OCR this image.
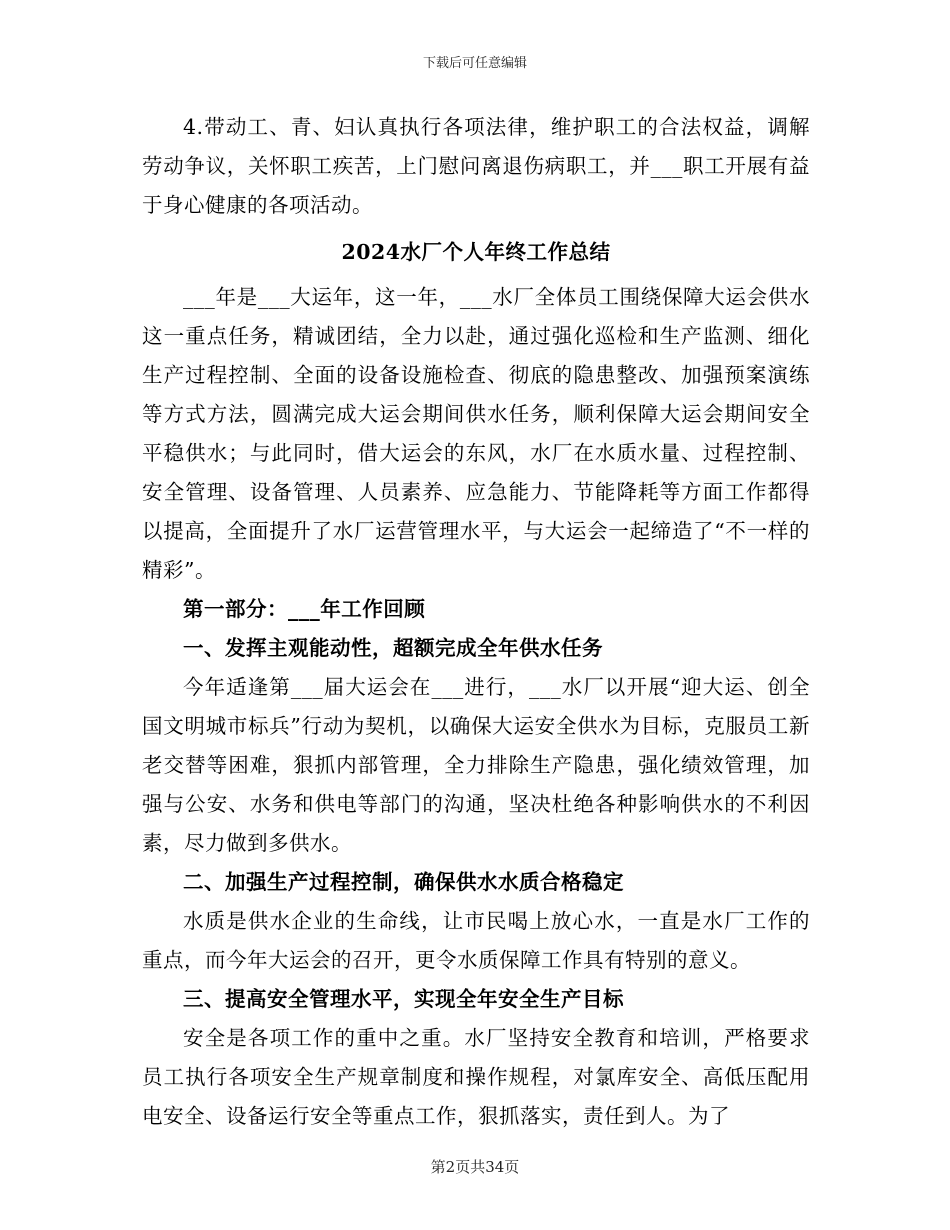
下载后可任意编辑

4.带动工、青、妇认真执行各项法律，维护职工的合法权益，调解劳动争议，关怀职工疾苦，上门慰问离退伤病职工，并___职工开展有益于身心健康的各项活动。

2024水厂个人年终工作总结

___年是___大运年，这一年，___水厂全体员工围绕保障大运会供水这一重点任务，精诚团结，全力以赴，通过强化巡检和生产监测、细化生产过程控制、全面的设备设施检查、彻底的隐患整改、加强预案演练等方式方法，圆满完成大运会期间供水任务，顺利保障大运会期间安全平稳供水；与此同时，借大运会的东风，水厂在水质水量、过程控制、安全管理、设备管理、人员素养、应急能力、节能降耗等方面工作都得以提高，全面提升了水厂运营管理水平，与大运会一起缔造了“不一样的精彩”。

第一部分：___年工作回顾

一、发挥主观能动性，超额完成全年供水任务

今年适逢第___届大运会在___进行，___水厂以开展“迎大运、创全国文明城市标兵”行动为契机，以确保大运安全供水为目标，克服员工新老交替等困难，狠抓内部管理，全力排除生产隐患，强化绩效管理，加强与公安、水务和供电等部门的沟通，坚决杜绝各种影响供水的不利因素，尽力做到多供水。

二、加强生产过程控制，确保供水水质合格稳定

水质是供水企业的生命线，让市民喝上放心水，一直是水厂工作的重点，而今年大运会的召开，更令水质保障工作具有特别的意义。

三、提高安全管理水平，实现全年安全生产目标

安全是各项工作的重中之重。水厂坚持安全教育和培训，严格要求员工执行各项安全生产规章制度和操作规程，对氯库安全、高低压配用电安全、设备运行安全等重点工作，狠抓落实，责任到人。为了

第2页共34页
